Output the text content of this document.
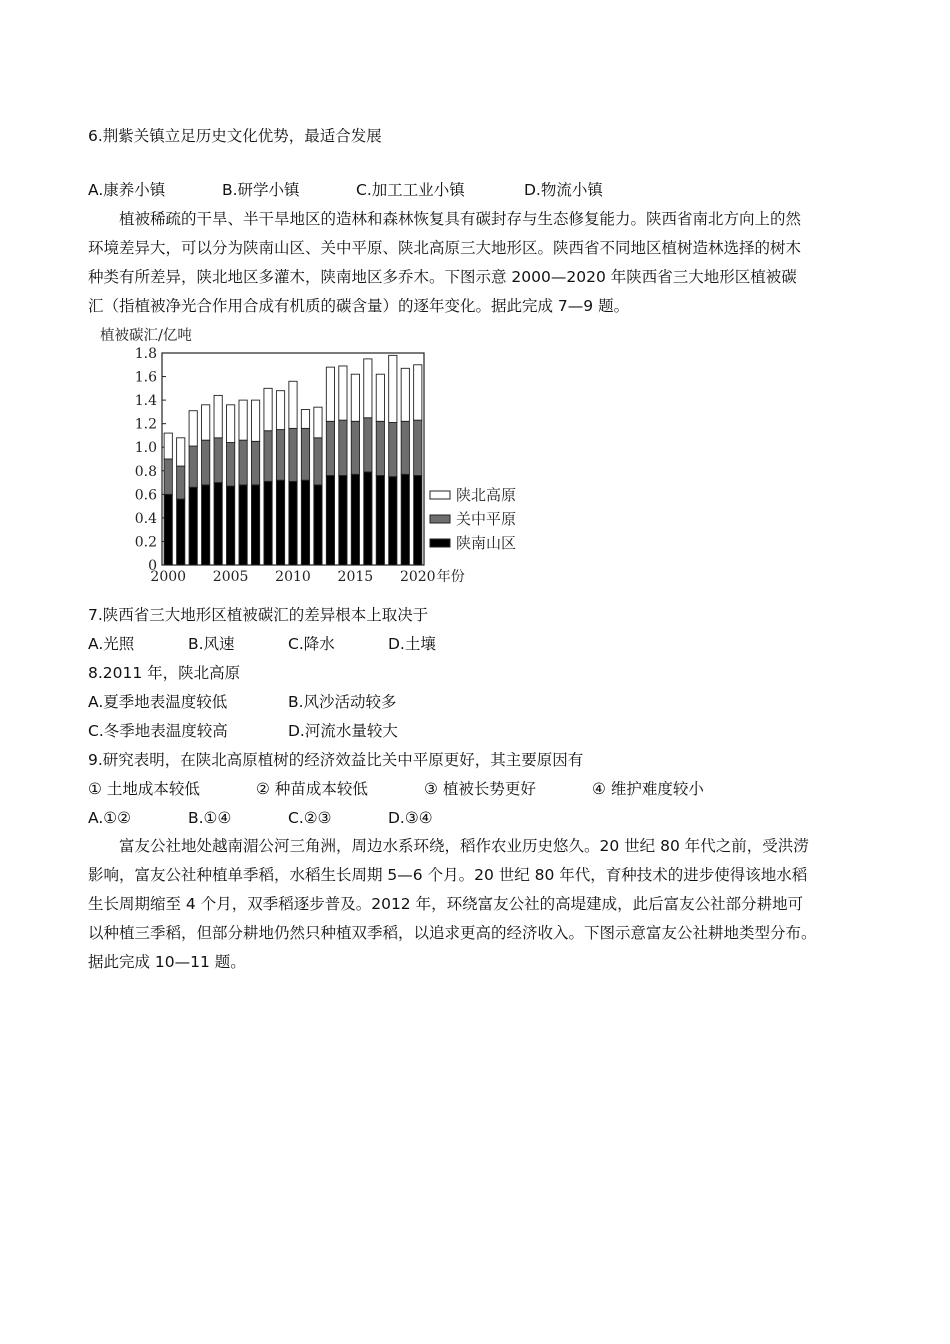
6.荆紫关镇立足历史文化优势，最适合发展
A.康养小镇	B.研学小镇	C.加工工业小镇	D.物流小镇

植被稀疏的干旱、半干旱地区的造林和森林恢复具有碳封存与生态修复能力。陕西省南北方向上的然

环境差异大，可以分为陕南山区、关中平原、陕北高原三大地形区。陕西省不同地区植树造林选择的树木

种类有所差异，陕北地区多灌木，陕南地区多乔木。下图示意 2000—2020 年陕西省三大地形区植被碳

汇（指植被净光合作用合成有机质的碳含量）的逐年变化。据此完成 7—9 题。

0
0.2
0.4
0.6
0.8
1.0
1.2
1.4
1.6
1.8
2000 2005 2010 2015 2020 年份
陕北高原
关中平原
陕南山区
植被碳汇/亿吨
7.陕西省三大地形区植被碳汇的差异根本上取决于
A.光照	B.风速	C.降水	D.土壤
8.2011 年，陕北高原
A.夏季地表温度较低	B.风沙活动较多
C.冬季地表温度较高	D.河流水量较大
9.研究表明，在陕北高原植树的经济效益比关中平原更好，其主要原因有
① 土地成本较低	② 种苗成本较低	③ 植被长势更好	④ 维护难度较小
A.①②	B.①④	C.②③	D.③④

富友公社地处越南湄公河三角洲，周边水系环绕，稻作农业历史悠久。20 世纪 80 年代之前，受洪涝

影响，富友公社种植单季稻，水稻生长周期 5—6 个月。20 世纪 80 年代，育种技术的进步使得该地水稻

生长周期缩至 4 个月，双季稻逐步普及。2012 年，环绕富友公社的高堤建成，此后富友公社部分耕地可

以种植三季稻，但部分耕地仍然只种植双季稻，以追求更高的经济收入。下图示意富友公社耕地类型分布。

据此完成 10—11 题。
